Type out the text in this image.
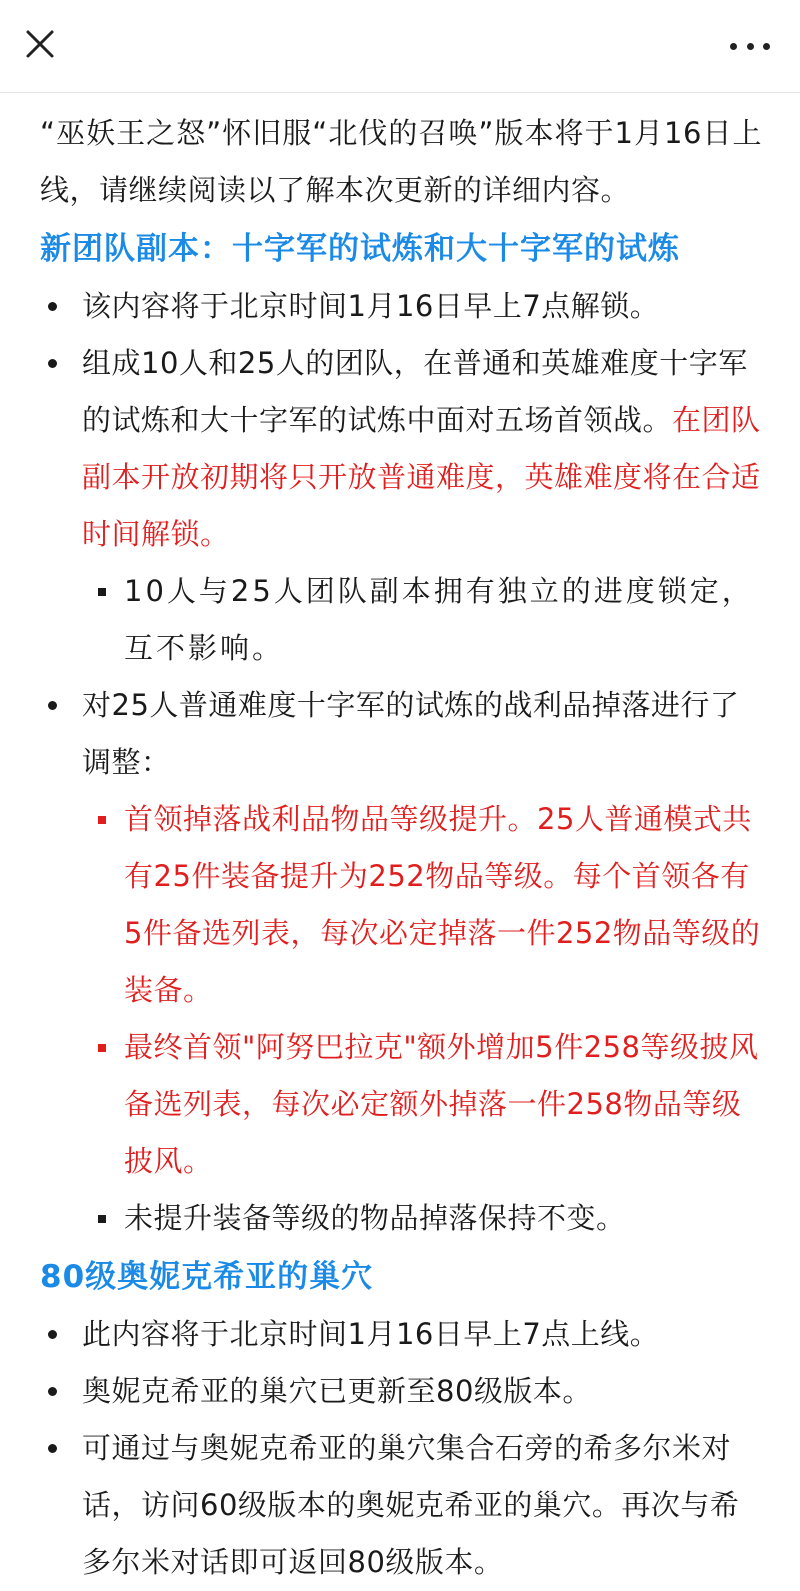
“巫妖王之怒”怀旧服“北伐的召唤”版本将于1月16日上线，请继续阅读以了解本次更新的详细内容。

新团队副本：十字军的试炼和大十字军的试炼
该内容将于北京时间1月16日早上7点解锁。
组成10人和25人的团队，在普通和英雄难度十字军的试炼和大十字军的试炼中面对五场首领战。在团队副本开放初期将只开放普通难度，英雄难度将在合适时间解锁。
10人与25人团队副本拥有独立的进度锁定，互不影响。
对25人普通难度十字军的试炼的战利品掉落进行了调整：
首领掉落战利品物品等级提升。25人普通模式共有25件装备提升为252物品等级。每个首领各有5件备选列表，每次必定掉落一件252物品等级的装备。
最终首领"阿努巴拉克"额外增加5件258等级披风备选列表，每次必定额外掉落一件258物品等级披风。
未提升装备等级的物品掉落保持不变。
80级奥妮克希亚的巢穴
此内容将于北京时间1月16日早上7点上线。
奥妮克希亚的巢穴已更新至80级版本。
可通过与奥妮克希亚的巢穴集合石旁的希多尔米对话，访问60级版本的奥妮克希亚的巢穴。再次与希多尔米对话即可返回80级版本。
